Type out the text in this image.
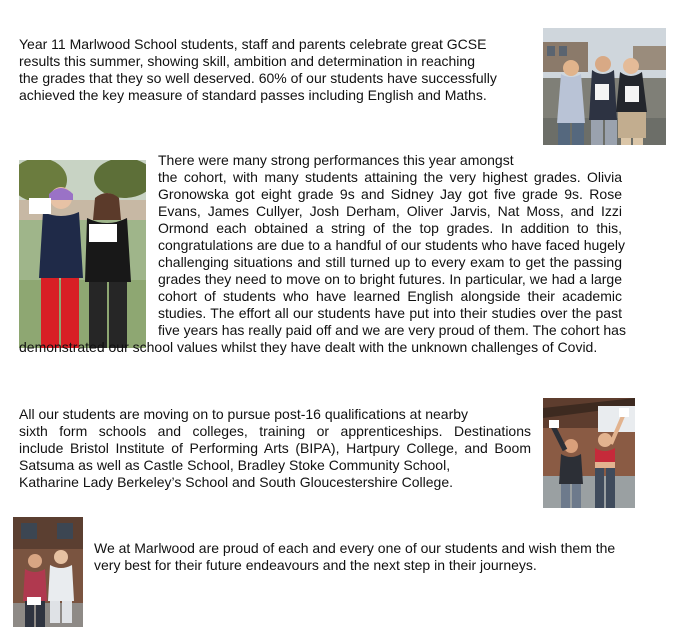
Year 11 Marlwood School students, staff and parents celebrate great GCSE
results this summer, showing skill, ambition and determination in reaching
the grades that they so well deserved. 60% of our students have successfully
achieved the key measure of standard passes including English and Maths.

There were many strong performances this year amongst
the cohort, with many students attaining the very highest grades. Olivia
Gronowska got eight grade 9s and Sidney Jay got five grade 9s. Rose
Evans, James Cullyer, Josh Derham, Oliver Jarvis, Nat Moss, and Izzi
Ormond each obtained a string of the top grades. In addition to this,
congratulations are due to a handful of our students who have faced hugely
challenging situations and still turned up to every exam to get the passing
grades they need to move on to bright futures. In particular, we had a large
cohort of students who have learned English alongside their academic
studies. The effort all our students have put into their studies over the past
five years has really paid off and we are very proud of them. The cohort has
demonstrated our school values whilst they have dealt with the unknown challenges of Covid.

All our students are moving on to pursue post-16 qualifications at nearby
sixth form schools and colleges, training or apprenticeships. Destinations
include Bristol Institute of Performing Arts (BIPA), Hartpury College, and Boom
Satsuma as well as Castle School, Bradley Stoke Community School,
Katharine Lady Berkeley’s School and South Gloucestershire College.

We at Marlwood are proud of each and every one of our students and wish them the
very best for their future endeavours and the next step in their journeys.
